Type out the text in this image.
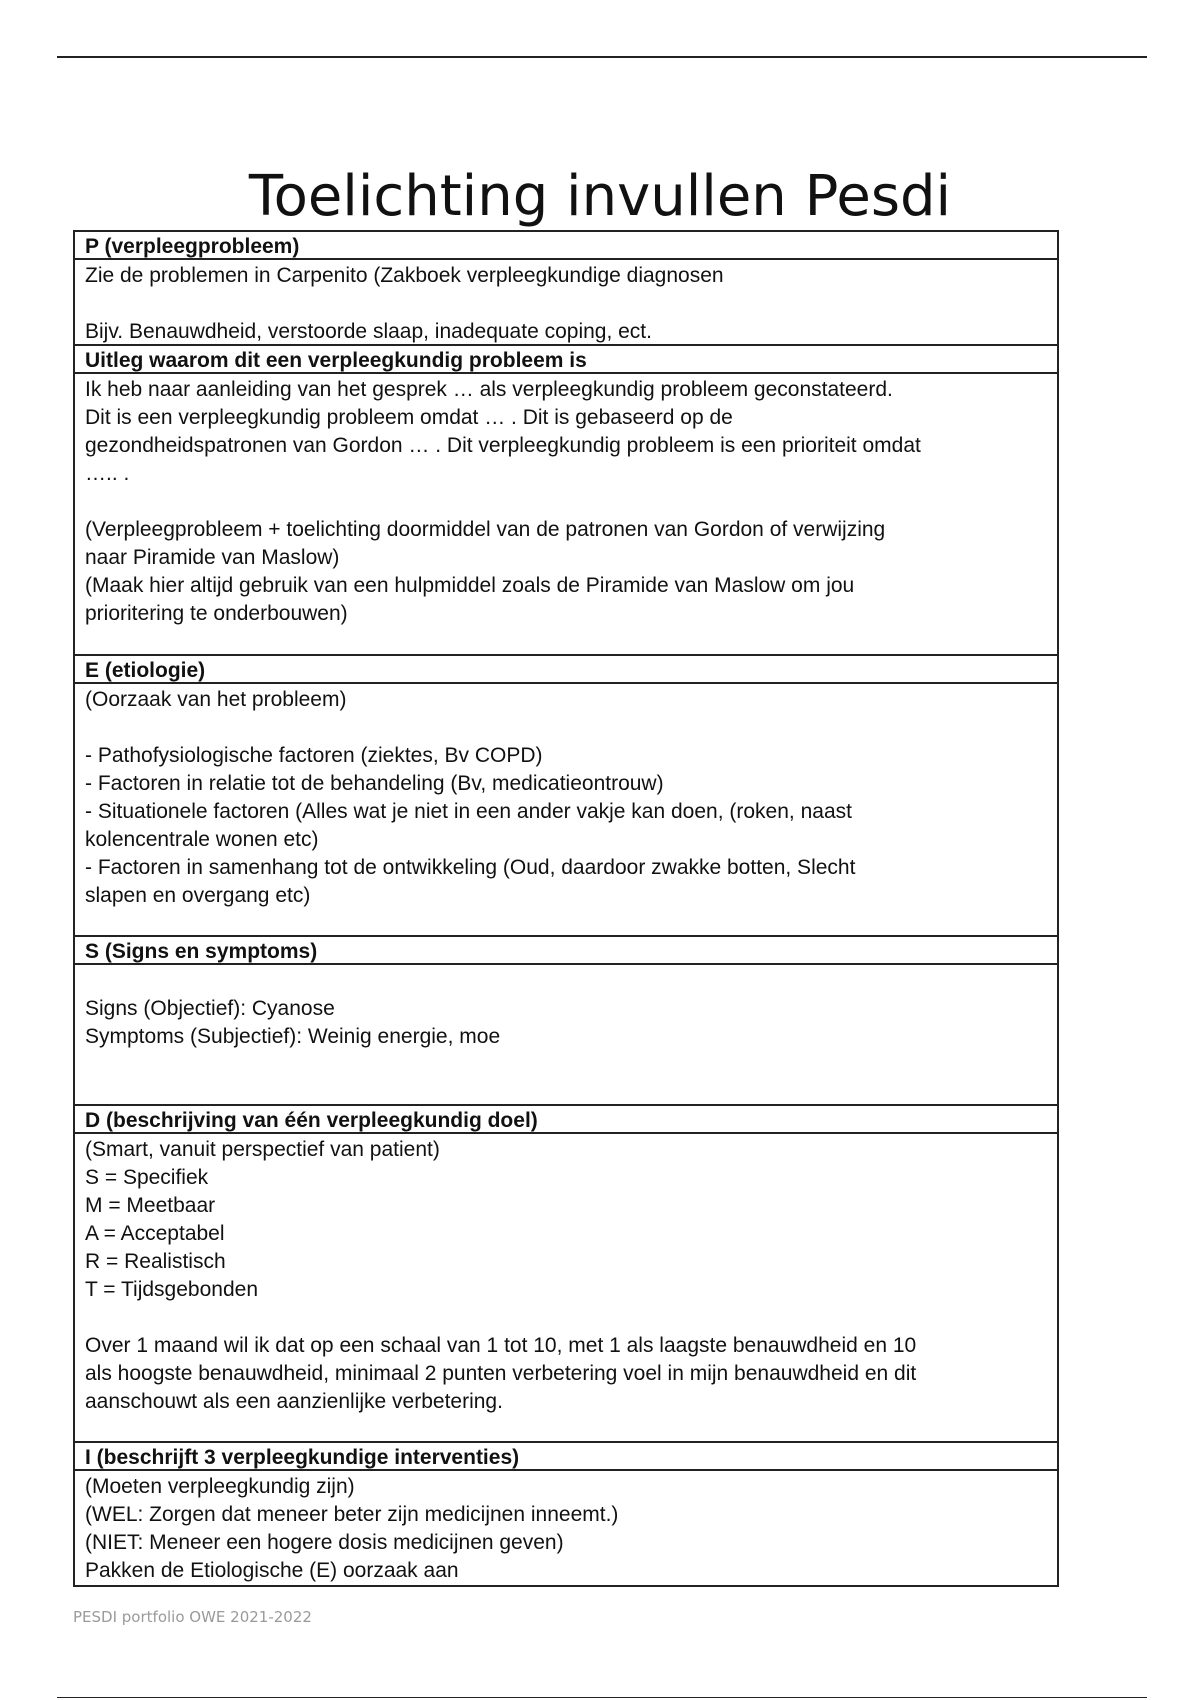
Toelichting invullen Pesdi
P (verpleegprobleem)
Zie de problemen in Carpenito (Zakboek verpleegkundige diagnosen
Bijv. Benauwdheid, verstoorde slaap, inadequate coping, ect.
Uitleg waarom dit een verpleegkundig probleem is
Ik heb naar aanleiding van het gesprek … als verpleegkundig probleem geconstateerd.
Dit is een verpleegkundig probleem omdat … . Dit is gebaseerd op de
gezondheidspatronen van Gordon … . Dit verpleegkundig probleem is een prioriteit omdat
….. .
(Verpleegprobleem + toelichting doormiddel van de patronen van Gordon of verwijzing
naar Piramide van Maslow)
(Maak hier altijd gebruik van een hulpmiddel zoals de Piramide van Maslow om jou
prioritering te onderbouwen)
E (etiologie)
(Oorzaak van het probleem)
- Pathofysiologische factoren (ziektes, Bv COPD)
- Factoren in relatie tot de behandeling (Bv, medicatieontrouw)
- Situationele factoren (Alles wat je niet in een ander vakje kan doen, (roken, naast
kolencentrale wonen etc)
- Factoren in samenhang tot de ontwikkeling (Oud, daardoor zwakke botten, Slecht
slapen en overgang etc)
S (Signs en symptoms)
Signs (Objectief): Cyanose
Symptoms (Subjectief): Weinig energie, moe
D (beschrijving van één verpleegkundig doel)
(Smart, vanuit perspectief van patient)
S = Specifiek
M = Meetbaar
A = Acceptabel
R = Realistisch
T = Tijdsgebonden
Over 1 maand wil ik dat op een schaal van 1 tot 10, met 1 als laagste benauwdheid en 10
als hoogste benauwdheid, minimaal 2 punten verbetering voel in mijn benauwdheid en dit
aanschouwt als een aanzienlijke verbetering.
I (beschrijft 3 verpleegkundige interventies)
(Moeten verpleegkundig zijn)
(WEL: Zorgen dat meneer beter zijn medicijnen inneemt.)
(NIET: Meneer een hogere dosis medicijnen geven)
Pakken de Etiologische (E) oorzaak aan
PESDI portfolio OWE 2021-2022
